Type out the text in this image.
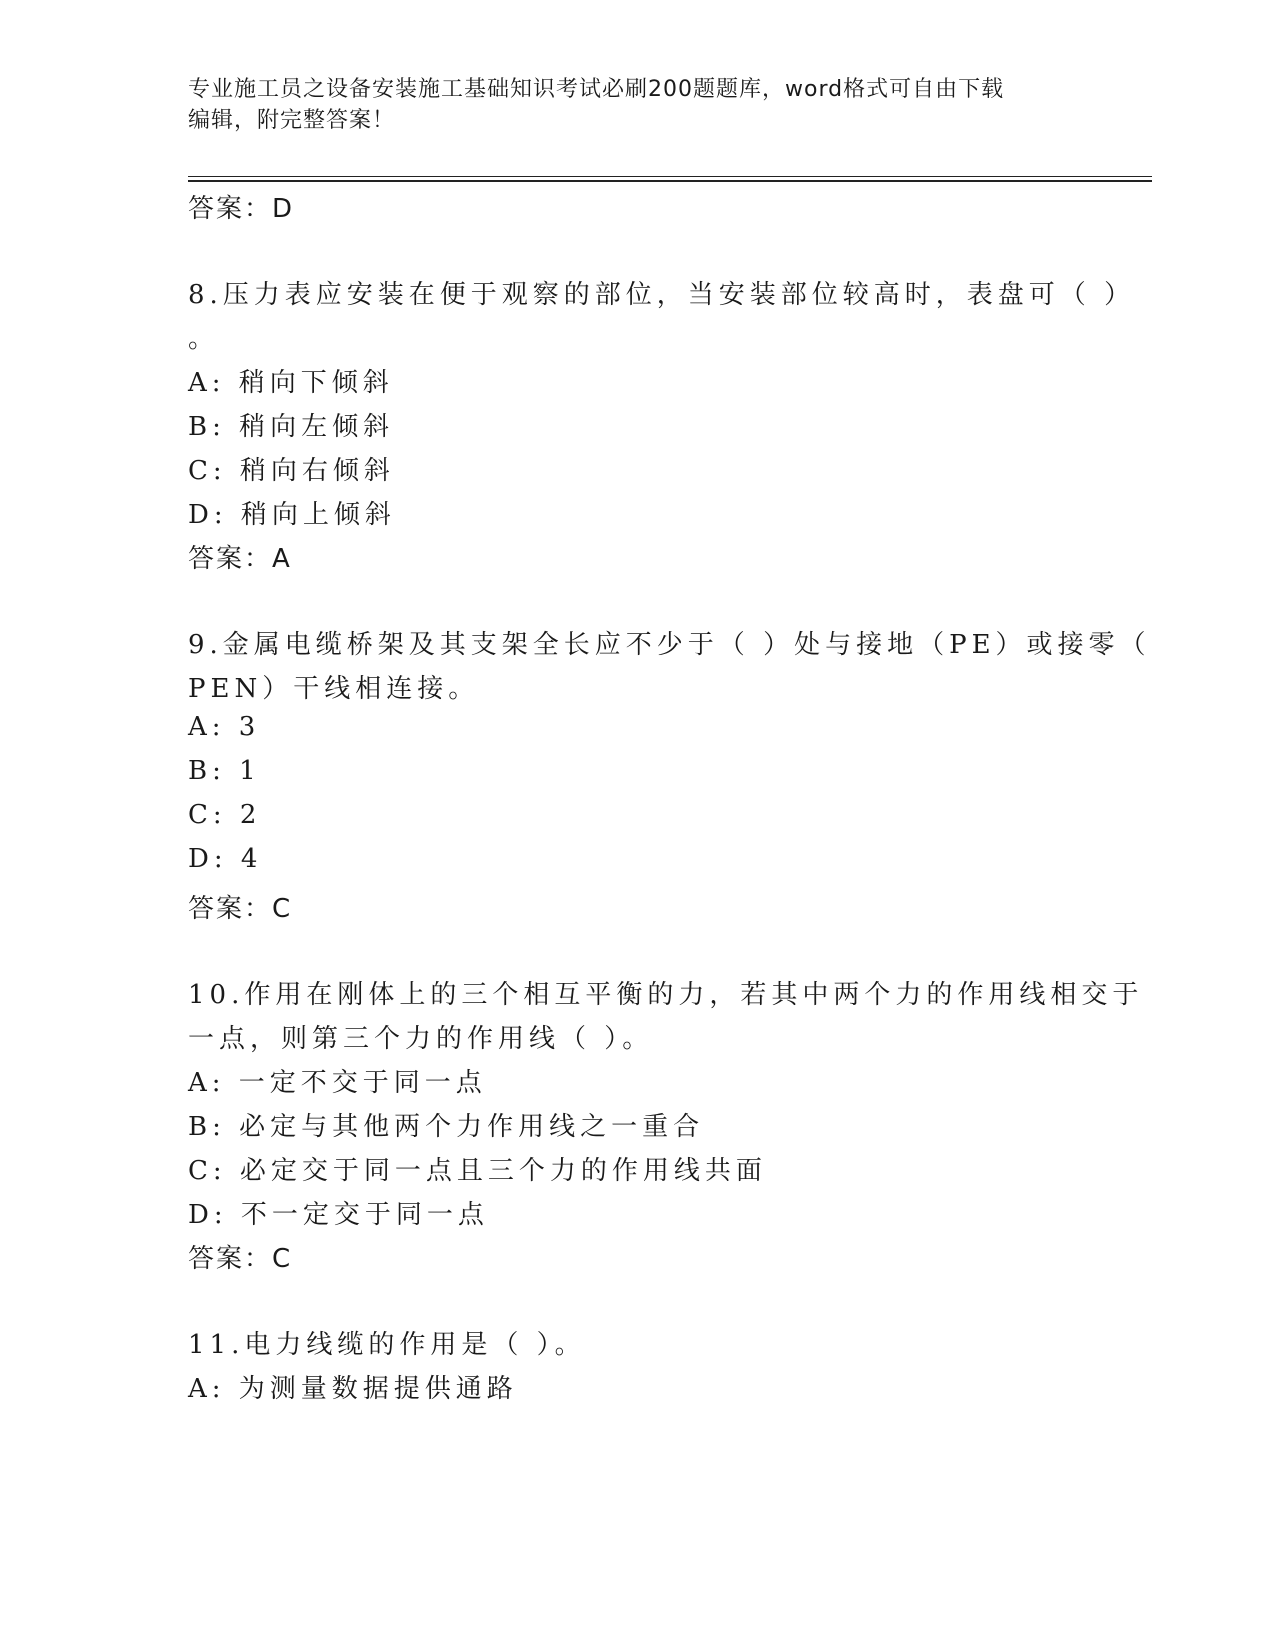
专业施工员之设备安装施工基础知识考试必刷200题题库，word格式可自由下载
编辑，附完整答案！
答案：D
8.压力表应安装在便于观察的部位，当安装部位较高时，表盘可（ ）
。
A: 稍向下倾斜
B: 稍向左倾斜
C: 稍向右倾斜
D: 稍向上倾斜
答案：A
9.金属电缆桥架及其支架全长应不少于（ ）处与接地（PE）或接零（
PEN）干线相连接。
A: 3
B: 1
C: 2
D: 4
答案：C
10.作用在刚体上的三个相互平衡的力，若其中两个力的作用线相交于
一点，则第三个力的作用线（ ）。
A: 一定不交于同一点
B: 必定与其他两个力作用线之一重合
C: 必定交于同一点且三个力的作用线共面
D: 不一定交于同一点
答案：C
11.电力线缆的作用是（ ）。
A: 为测量数据提供通路
